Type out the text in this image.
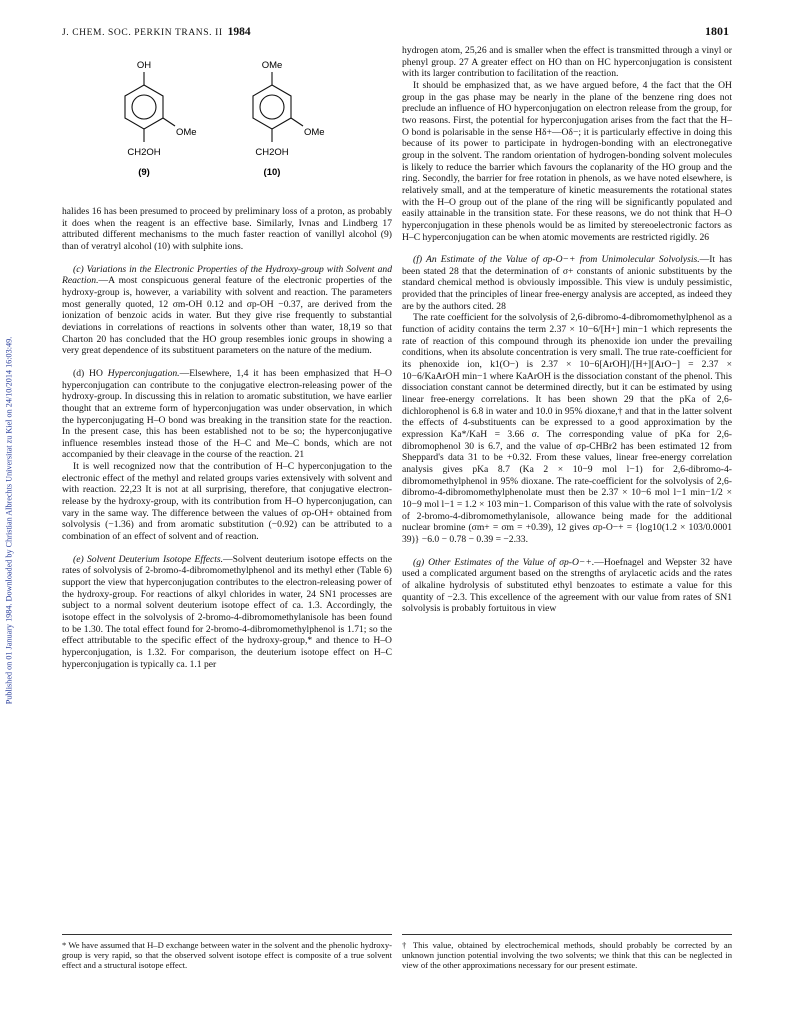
Published on 01 January 1984. Downloaded by Christian Albrechts Universitat zu Kiel on 24/10/2014 16:03:49.
J. CHEM. SOC. PERKIN TRANS. II 1984	1801
OH
OMe
CH2OH
(9)
OMe
OMe
CH2OH
(10)

halides 16 has been presumed to proceed by preliminary loss of a proton, as probably it does when the reagent is an effective base. Similarly, Ivnas and Lindberg 17 attributed different mechanisms to the much faster reaction of vanillyl alcohol (9) than of veratryl alcohol (10) with sulphite ions.

(c) Variations in the Electronic Properties of the Hydroxy-group with Solvent and Reaction.—A most conspicuous general feature of the electronic properties of the hydroxy-group is, however, a variability with solvent and reaction. The parameters most generally quoted, 12 σm-OH 0.12 and σp-OH −0.37, are derived from the ionization of benzoic acids in water. But they give rise frequently to substantial deviations in correlations of reactions in solvents other than water, 18,19 so that Charton 20 has concluded that the HO group resembles ionic groups in showing a very great dependence of its substituent parameters on the nature of the medium.

(d) HO Hyperconjugation.—Elsewhere, 1,4 it has been emphasized that H–O hyperconjugation can contribute to the conjugative electron-releasing power of the hydroxy-group. In discussing this in relation to aromatic substitution, we have earlier thought that an extreme form of hyperconjugation was under observation, in which the hyperconjugating H–O bond was breaking in the transition state for the reaction. In the present case, this has been established not to be so; the hyperconjugative influence resembles instead those of the H–C and Me–C bonds, which are not accompanied by their cleavage in the course of the reaction. 21

It is well recognized now that the contribution of H–C hyperconjugation to the electronic effect of the methyl and related groups varies extensively with solvent and with reaction. 22,23 It is not at all surprising, therefore, that conjugative electron-release by the hydroxy-group, with its contribution from H–O hyperconjugation, can vary in the same way. The difference between the values of σp-OH+ obtained from solvolysis (−1.36) and from aromatic substitution (−0.92) can be attributed to a combination of an effect of solvent and of reaction.

(e) Solvent Deuterium Isotope Effects.—Solvent deuterium isotope effects on the rates of solvolysis of 2-bromo-4-dibromomethylphenol and its methyl ether (Table 6) support the view that hyperconjugation contributes to the electron-releasing power of the hydroxy-group. For reactions of alkyl chlorides in water, 24 SN1 processes are subject to a normal solvent deuterium isotope effect of ca. 1.3. Accordingly, the isotope effect in the solvolysis of 2-bromo-4-dibromomethylanisole has been found to be 1.30. The total effect found for 2-bromo-4-dibromomethylphenol is 1.71; so the effect attributable to the specific effect of the hydroxy-group,* and thence to H–O hyperconjugation, is 1.32. For comparison, the deuterium isotope effect on H–C hyperconjugation is typically ca. 1.1 per

hydrogen atom, 25,26 and is smaller when the effect is transmitted through a vinyl or phenyl group. 27 A greater effect on HO than on HC hyperconjugation is consistent with its larger contribution to facilitation of the reaction.

It should be emphasized that, as we have argued before, 4 the fact that the OH group in the gas phase may be nearly in the plane of the benzene ring does not preclude an influence of HO hyperconjugation on electron release from the group, for two reasons. First, the potential for hyperconjugation arises from the fact that the H–O bond is polarisable in the sense Hδ+—Oδ−; it is particularly effective in doing this because of its power to participate in hydrogen-bonding with an electronegative group in the solvent. The random orientation of hydrogen-bonding solvent molecules is likely to reduce the barrier which favours the coplanarity of the HO group and the ring. Secondly, the barrier for free rotation in phenols, as we have noted elsewhere, is relatively small, and at the temperature of kinetic measurements the rotational states with the H–O group out of the plane of the ring will be significantly populated and easily attainable in the transition state. For these reasons, we do not think that H–O hyperconjugation in these phenols would be as limited by stereoelectronic factors as H–C hyperconjugation can be when atomic movements are restricted rigidly. 26

(f) An Estimate of the Value of σp-O−+ from Unimolecular Solvolysis.—It has been stated 28 that the determination of σ+ constants of anionic substituents by the standard chemical method is obviously impossible. This view is unduly pessimistic, provided that the principles of linear free-energy analysis are accepted, as indeed they are by the authors cited. 28

The rate coefficient for the solvolysis of 2,6-dibromo-4-dibromomethylphenol as a function of acidity contains the term 2.37 × 10−6/[H+] min−1 which represents the rate of reaction of this compound through its phenoxide ion under the prevailing conditions, when its absolute concentration is very small. The true rate-coefficient for its phenoxide ion, k1(O−) is 2.37 × 10−6[ArOH]/[H+][ArO−] = 2.37 × 10−6/KaArOH min−1 where KaArOH is the dissociation constant of the phenol. This dissociation constant cannot be determined directly, but it can be estimated by using linear free-energy correlations. It has been shown 29 that the pKa of 2,6-dichlorophenol is 6.8 in water and 10.0 in 95% dioxane,† and that in the latter solvent the effects of 4-substituents can be expressed to a good approximation by the expression Ka*/KaH = 3.66 σ. The corresponding value of pKa for 2,6-dibromophenol 30 is 6.7, and the value of σp-CHBr2 has been estimated 12 from Sheppard's data 31 to be +0.32. From these values, linear free-energy correlation analysis gives pKa 8.7 (Ka 2 × 10−9 mol l−1) for 2,6-dibromo-4-dibromomethylphenol in 95% dioxane. The rate-coefficient for the solvolysis of 2,6-dibromo-4-dibromomethylphenolate must then be 2.37 × 10−6 mol l−1 min−1/2 × 10−9 mol l−1 = 1.2 × 103 min−1. Comparison of this value with the rate of solvolysis of 2-bromo-4-dibromomethylanisole, allowance being made for the additional nuclear bromine (σm+ = σm = +0.39), 12 gives σp-O−+ = {log10(1.2 × 103/0.0001 39)} −6.0 − 0.78 − 0.39 = −2.33.

(g) Other Estimates of the Value of σp-O−+.—Hoefnagel and Wepster 32 have used a complicated argument based on the strengths of arylacetic acids and the rates of alkaline hydrolysis of substituted ethyl benzoates to estimate a value for this quantity of −2.3. This excellence of the agreement with our value from rates of SN1 solvolysis is probably fortuitous in view

* We have assumed that H–D exchange between water in the solvent and the phenolic hydroxy-group is very rapid, so that the observed solvent isotope effect is composite of a true solvent effect and a structural isotope effect.

† This value, obtained by electrochemical methods, should probably be corrected by an unknown junction potential involving the two solvents; we think that this can be neglected in view of the other approximations necessary for our present estimate.
